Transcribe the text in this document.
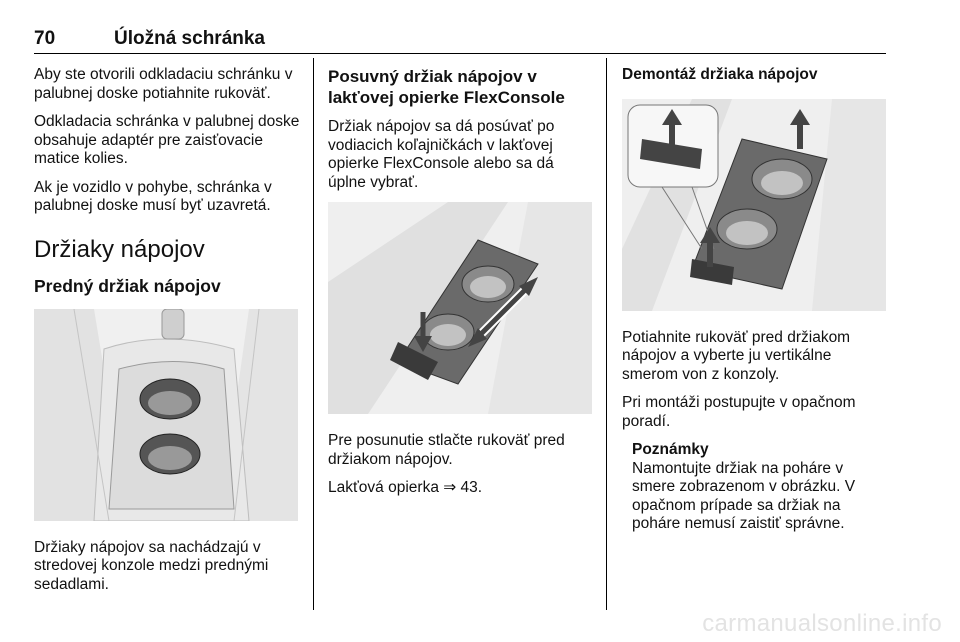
70	Úložná schránka

Aby ste otvorili odkladaciu schránku v palubnej doske potiahnite rukoväť.

Odkladacia schránka v palubnej doske obsahuje adaptér pre zaisťovacie matice kolies.

Ak je vozidlo v pohybe, schránka v palubnej doske musí byť uzavretá.

Držiaky nápojov
Predný držiak nápojov

Držiaky nápojov sa nachádzajú v stredovej konzole medzi prednými sedadlami.

Posuvný držiak nápojov v lakťovej opierke FlexConsole

Držiak nápojov sa dá posúvať po vodiacich koľajničkách v lakťovej opierke FlexConsole alebo sa dá úplne vybrať.

Pre posunutie stlačte rukoväť pred držiakom nápojov.

Lakťová opierka ⇒ 43.

Demontáž držiaka nápojov

Potiahnite rukoväť pred držiakom nápojov a vyberte ju vertikálne smerom von z konzoly.

Pri montáži postupujte v opačnom poradí.

Poznámky
Namontujte držiak na poháre v smere zobrazenom v obrázku. V opačnom prípade sa držiak na poháre nemusí zaistiť správne.
carmanualsonline.info
